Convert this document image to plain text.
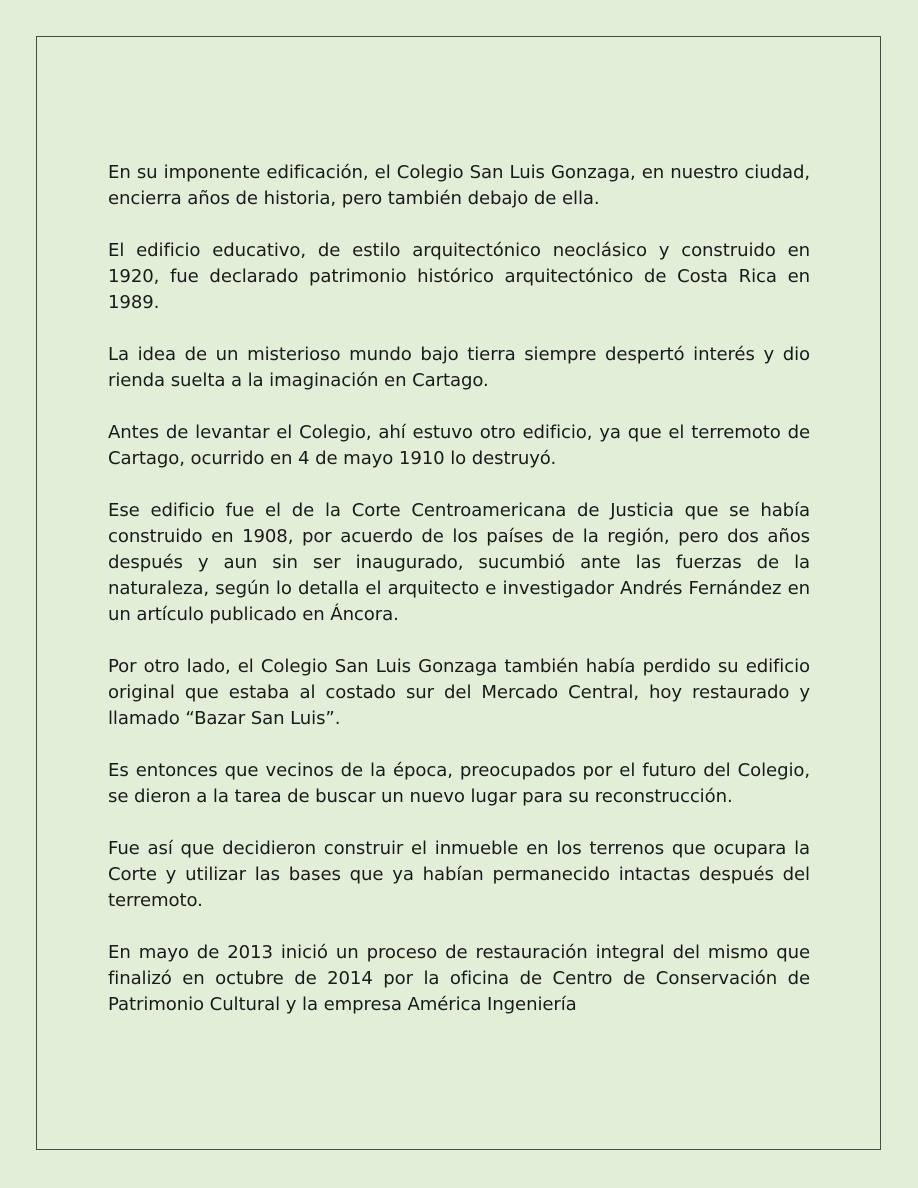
En su imponente edificación, el Colegio San Luis Gonzaga, en nuestro ciudad, encierra años de historia, pero también debajo de ella.

El edificio educativo, de estilo arquitectónico neoclásico y construido en 1920, fue declarado patrimonio histórico arquitectónico de Costa Rica en 1989.

La idea de un misterioso mundo bajo tierra siempre despertó interés y dio rienda suelta a la imaginación en Cartago.

Antes de levantar el Colegio, ahí estuvo otro edificio, ya que el terremoto de Cartago, ocurrido en 4 de mayo 1910 lo destruyó.

Ese edificio fue el de la Corte Centroamericana de Justicia que se había construido en 1908, por acuerdo de los países de la región, pero dos años después y aun sin ser inaugurado, sucumbió ante las fuerzas de la naturaleza, según lo detalla el arquitecto e investigador Andrés Fernández en un artículo publicado en Áncora.

Por otro lado, el Colegio San Luis Gonzaga también había perdido su edificio original que estaba al costado sur del Mercado Central, hoy restaurado y llamado “Bazar San Luis”.

Es entonces que vecinos de la época, preocupados por el futuro del Colegio, se dieron a la tarea de buscar un nuevo lugar para su reconstrucción.

Fue así que decidieron construir el inmueble en los terrenos que ocupara la Corte y utilizar las bases que ya habían permanecido intactas después del terremoto.

En mayo de 2013 inició un proceso de restauración integral del mismo que finalizó en octubre de 2014 por la oficina de Centro de Conservación de Patrimonio Cultural y la empresa América Ingeniería
